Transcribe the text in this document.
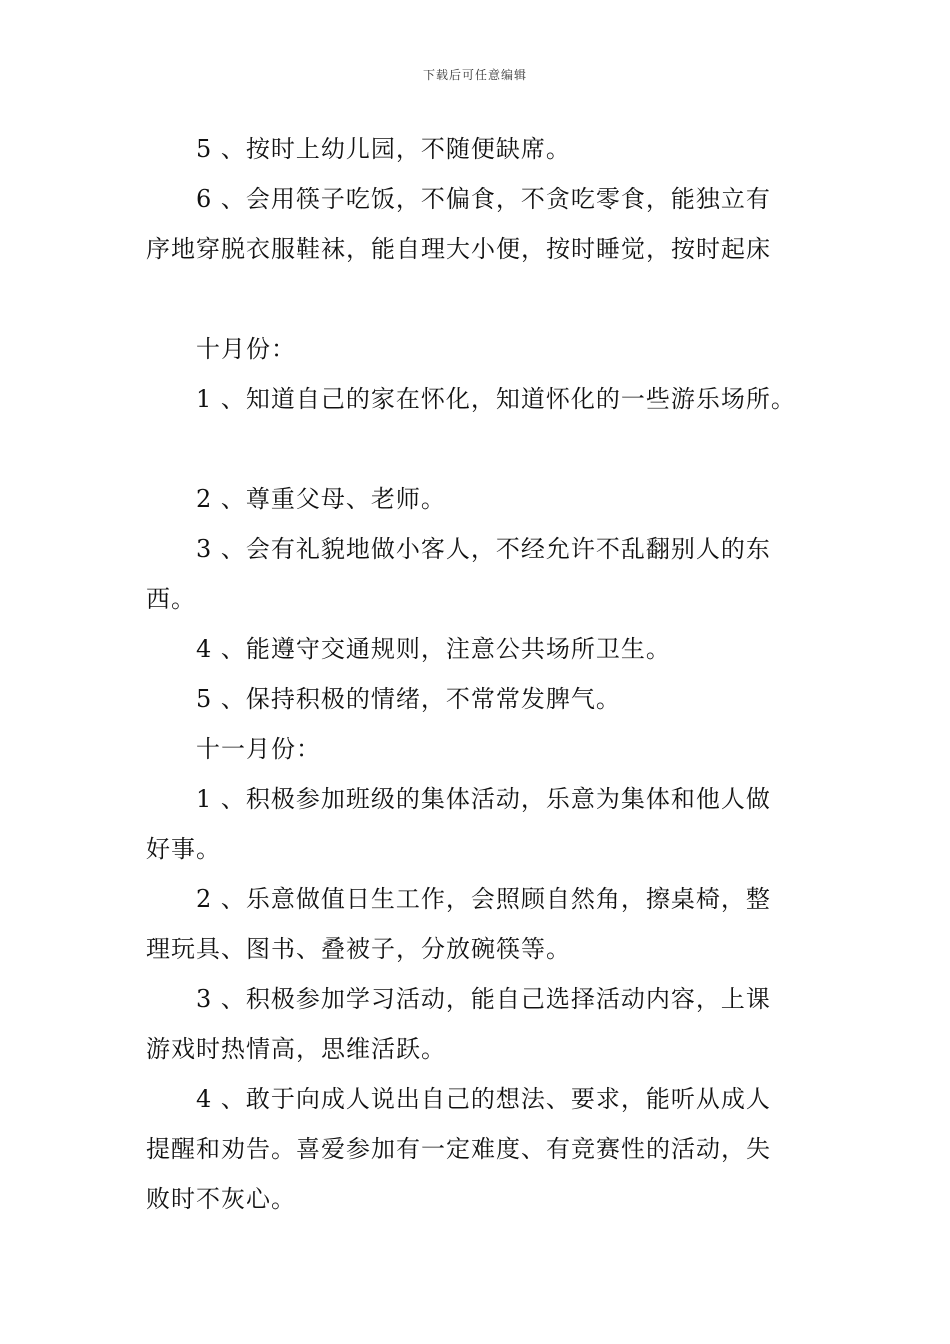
下载后可任意编辑
5 、按时上幼儿园，不随便缺席。
6 、会用筷子吃饭，不偏食，不贪吃零食，能独立有
序地穿脱衣服鞋袜，能自理大小便，按时睡觉，按时起床
十月份：
1 、知道自己的家在怀化，知道怀化的一些游乐场所。
2 、尊重父母、老师。
3 、会有礼貌地做小客人，不经允许不乱翻别人的东
西。
4 、能遵守交通规则，注意公共场所卫生。
5 、保持积极的情绪，不常常发脾气。
十一月份：
1 、积极参加班级的集体活动，乐意为集体和他人做
好事。
2 、乐意做值日生工作，会照顾自然角，擦桌椅，整
理玩具、图书、叠被子，分放碗筷等。
3 、积极参加学习活动，能自己选择活动内容，上课
游戏时热情高，思维活跃。
4 、敢于向成人说出自己的想法、要求，能听从成人
提醒和劝告。喜爱参加有一定难度、有竞赛性的活动，失
败时不灰心。
